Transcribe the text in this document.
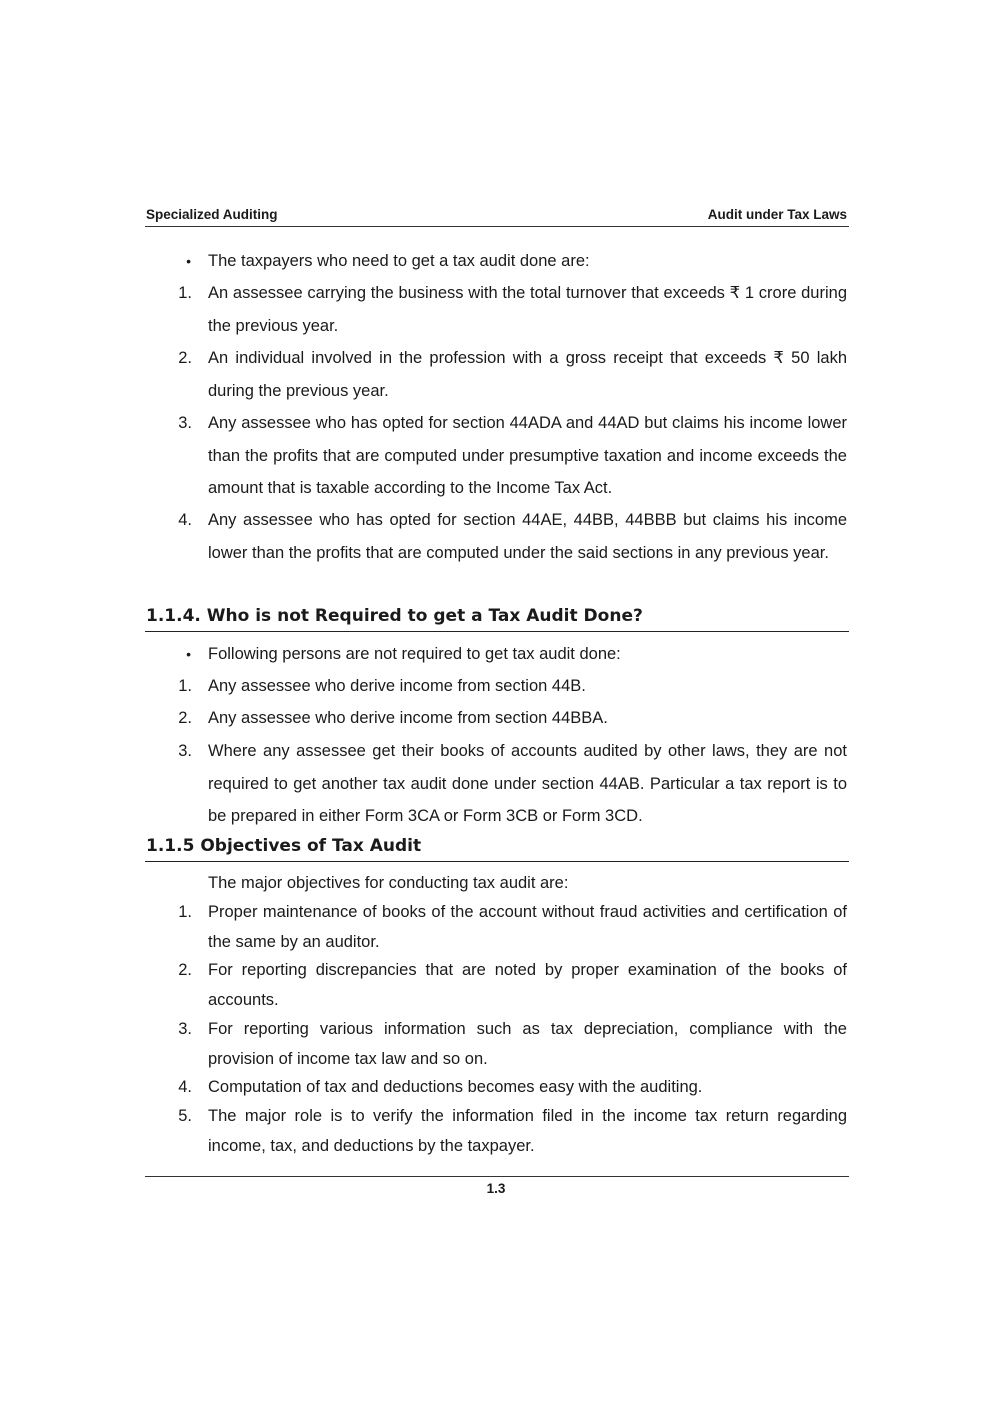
Specialized Auditing	Audit under Tax Laws
• The taxpayers who need to get a tax audit done are:
1. An assessee carrying the business with the total turnover that exceeds ₹ 1 crore during the previous year.
2. An individual involved in the profession with a gross receipt that exceeds ₹ 50 lakh during the previous year.
3. Any assessee who has opted for section 44ADA and 44AD but claims his income lower than the profits that are computed under presumptive taxation and income exceeds the amount that is taxable according to the Income Tax Act.
4. Any assessee who has opted for section 44AE, 44BB, 44BBB but claims his income lower than the profits that are computed under the said sections in any previous year.
1.1.4. Who is not Required to get a Tax Audit Done?
• Following persons are not required to get tax audit done:
1. Any assessee who derive income from section 44B.
2. Any assessee who derive income from section 44BBA.
3. Where any assessee get their books of accounts audited by other laws, they are not required to get another tax audit done under section 44AB. Particular a tax report is to be prepared in either Form 3CA or Form 3CB or Form 3CD.
1.1.5 Objectives of Tax Audit
The major objectives for conducting tax audit are:
1. Proper maintenance of books of the account without fraud activities and certification of the same by an auditor.
2. For reporting discrepancies that are noted by proper examination of the books of accounts.
3. For reporting various information such as tax depreciation, compliance with the provision of income tax law and so on.
4. Computation of tax and deductions becomes easy with the auditing.
5. The major role is to verify the information filed in the income tax return regarding income, tax, and deductions by the taxpayer.
1.3
